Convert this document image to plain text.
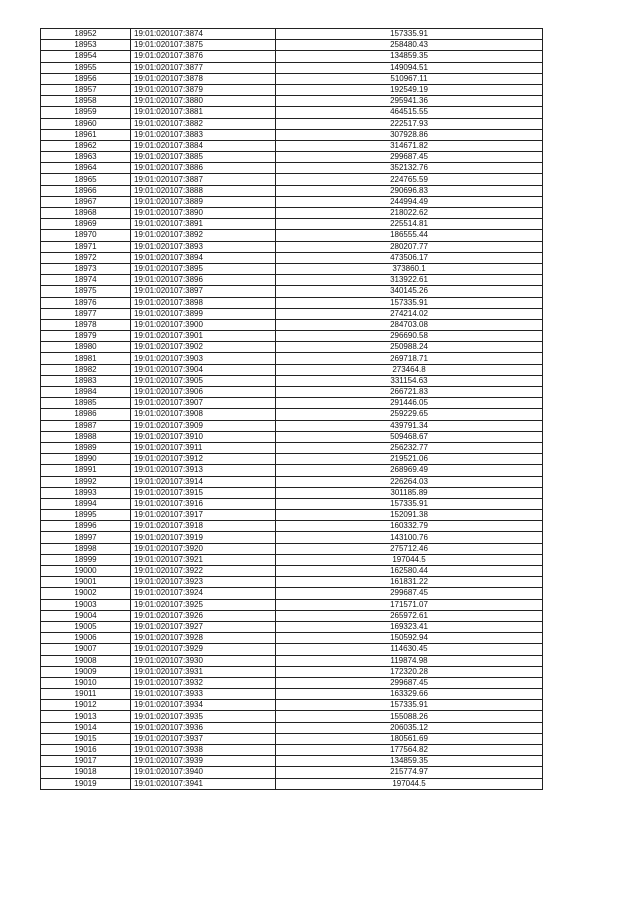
18952	19:01:020107:3874	157335.91
18953	19:01:020107:3875	258480.43
18954	19:01:020107:3876	134859.35
18955	19:01:020107:3877	149094.51
18956	19:01:020107:3878	510967.11
18957	19:01:020107:3879	192549.19
18958	19:01:020107:3880	295941.36
18959	19:01:020107:3881	464515.55
18960	19:01:020107:3882	222517.93
18961	19:01:020107:3883	307928.86
18962	19:01:020107:3884	314671.82
18963	19:01:020107:3885	299687.45
18964	19:01:020107:3886	352132.76
18965	19:01:020107:3887	224765.59
18966	19:01:020107:3888	290696.83
18967	19:01:020107:3889	244994.49
18968	19:01:020107:3890	218022.62
18969	19:01:020107:3891	225514.81
18970	19:01:020107:3892	186555.44
18971	19:01:020107:3893	280207.77
18972	19:01:020107:3894	473506.17
18973	19:01:020107:3895	373860.1
18974	19:01:020107:3896	313922.61
18975	19:01:020107:3897	340145.26
18976	19:01:020107:3898	157335.91
18977	19:01:020107:3899	274214.02
18978	19:01:020107:3900	284703.08
18979	19:01:020107:3901	296690.58
18980	19:01:020107:3902	250988.24
18981	19:01:020107:3903	269718.71
18982	19:01:020107:3904	273464.8
18983	19:01:020107:3905	331154.63
18984	19:01:020107:3906	266721.83
18985	19:01:020107:3907	291446.05
18986	19:01:020107:3908	259229.65
18987	19:01:020107:3909	439791.34
18988	19:01:020107:3910	509468.67
18989	19:01:020107:3911	256232.77
18990	19:01:020107:3912	219521.06
18991	19:01:020107:3913	268969.49
18992	19:01:020107:3914	226264.03
18993	19:01:020107:3915	301185.89
18994	19:01:020107:3916	157335.91
18995	19:01:020107:3917	152091.38
18996	19:01:020107:3918	160332.79
18997	19:01:020107:3919	143100.76
18998	19:01:020107:3920	275712.46
18999	19:01:020107:3921	197044.5
19000	19:01:020107:3922	162580.44
19001	19:01:020107:3923	161831.22
19002	19:01:020107:3924	299687.45
19003	19:01:020107:3925	171571.07
19004	19:01:020107:3926	265972.61
19005	19:01:020107:3927	169323.41
19006	19:01:020107:3928	150592.94
19007	19:01:020107:3929	114630.45
19008	19:01:020107:3930	119874.98
19009	19:01:020107:3931	172320.28
19010	19:01:020107:3932	299687.45
19011	19:01:020107:3933	163329.66
19012	19:01:020107:3934	157335.91
19013	19:01:020107:3935	155088.26
19014	19:01:020107:3936	206035.12
19015	19:01:020107:3937	180561.69
19016	19:01:020107:3938	177564.82
19017	19:01:020107:3939	134859.35
19018	19:01:020107:3940	215774.97
19019	19:01:020107:3941	197044.5
